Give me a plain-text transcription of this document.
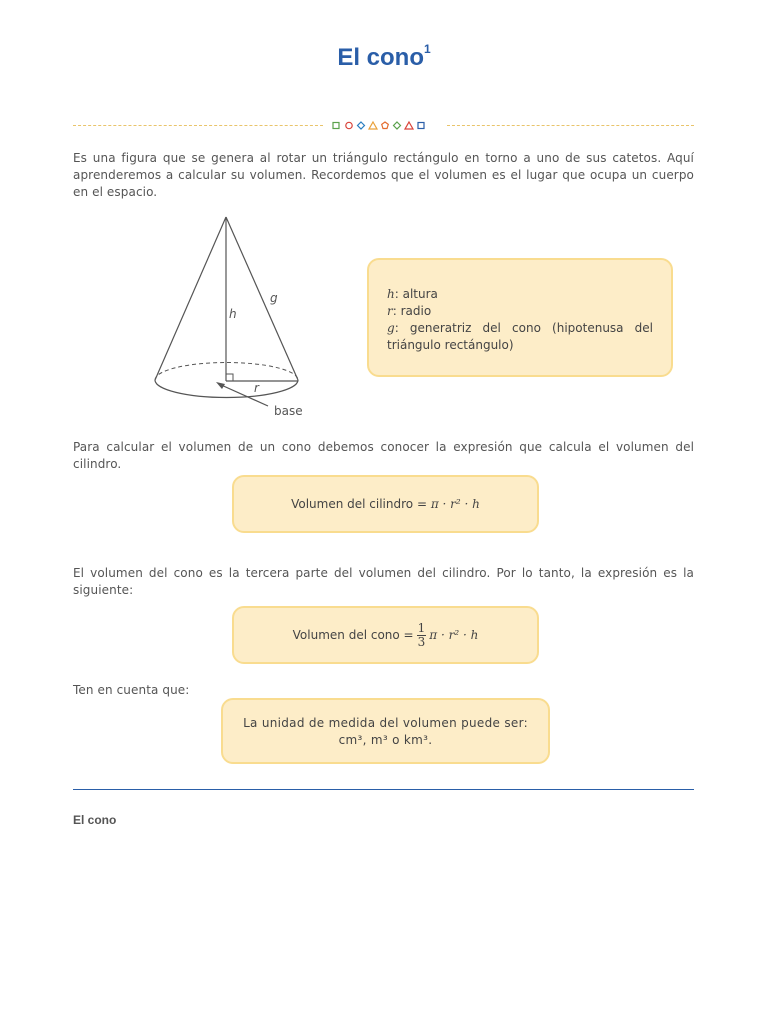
El cono$^1$
Es una figura que se genera al rotar un triángulo rectángulo en torno a uno de sus catetos. Aquí aprenderemos a calcular su volumen. Recordemos que el volumen es el lugar que ocupa un cuerpo en el espacio.
h
g
r
base
h: altura
r: radio
g: generatriz del cono (hipotenusa del triángulo rectángulo)
Para calcular el volumen de un cono debemos conocer la expresión que calcula el volumen del cilindro.
Volumen del cilindro =
π · r² · h
El volumen del cono es la tercera parte del volumen del cilindro. Por lo tanto, la expresión es la siguiente:
Volumen del cono = $\frac{1}{3}$ π · r² · h
Ten en cuenta que:
La unidad de medida del volumen puede ser:
cm³, m³ o km³.
El cono
